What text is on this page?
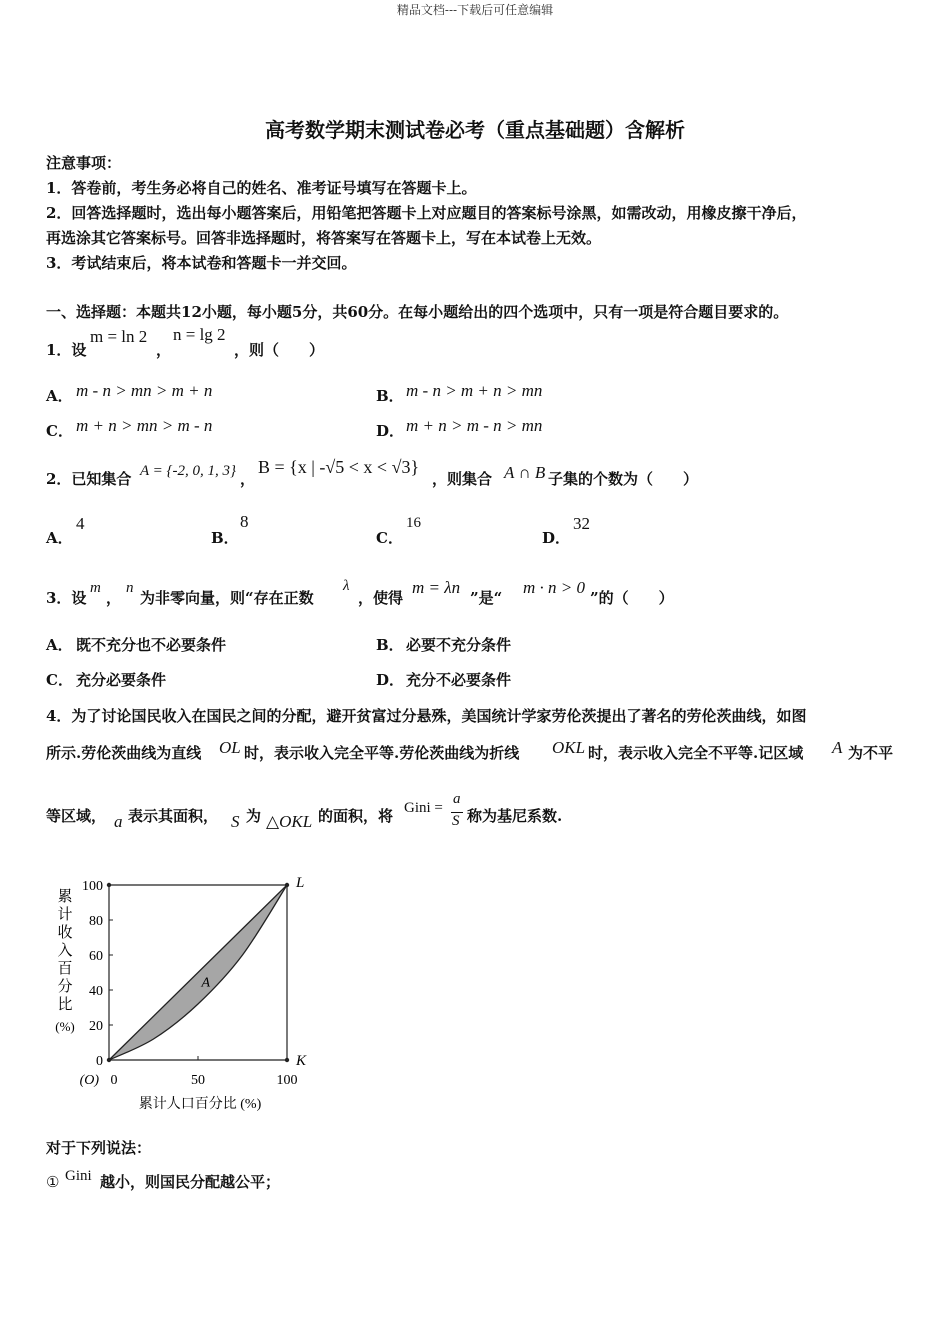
精品文档---下载后可任意编辑
高考数学期末测试卷必考（重点基础题）含解析
注意事项：
1．答卷前，考生务必将自己的姓名、准考证号填写在答题卡上。
2．回答选择题时，选出每小题答案后，用铅笔把答题卡上对应题目的答案标号涂黑，如需改动，用橡皮擦干净后，
再选涂其它答案标号。回答非选择题时，将答案写在答题卡上，写在本试卷上无效。
3．考试结束后，将本试卷和答题卡一并交回。
一、选择题：本题共12小题，每小题5分，共60分。在每小题给出的四个选项中，只有一项是符合题目要求的。
1．设
m = ln 2
，
n = lg 2
，则（　　）
A． m - n > mn > m + n	B． m - n > m + n > mn
C． m + n > mn > m - n	D． m + n > m - n > mn
2．已知集合 A = {-2, 0, 1, 3} ，
B = {x | -√5 < x < √3}
，则集合 A ∩ B 子集的个数为（　　）
A．
4
B．
8
C．
16
D．
32
3．设
m
，
n
为非零向量，则“存在正数
λ
，使得
m = λn
”是“
m · n > 0
”的（　　）
A． 既不充分也不必要条件	B． 必要不充分条件
C． 充分必要条件	D． 充分不必要条件
4．为了讨论国民收入在国民之间的分配，避开贫富过分悬殊，美国统计学家劳伦茨提出了著名的劳伦茨曲线，如图
所示.劳伦茨曲线为直线 OL 时，表示收入完全平等.劳伦茨曲线为折线 OKL 时，表示收入完全不平等.记区域 A 为不平
等区域， a 表示其面积， S 为 △OKL 的面积，将 Gini =
a
S 称为基尼系数.
0
20
40
60
80
100
0	50	100
(O)
L
K
A
累
计
收
入
百
分
比
(%)
累计人口百分比 (%)
对于下列说法：
① Gini 越小，则国民分配越公平；
